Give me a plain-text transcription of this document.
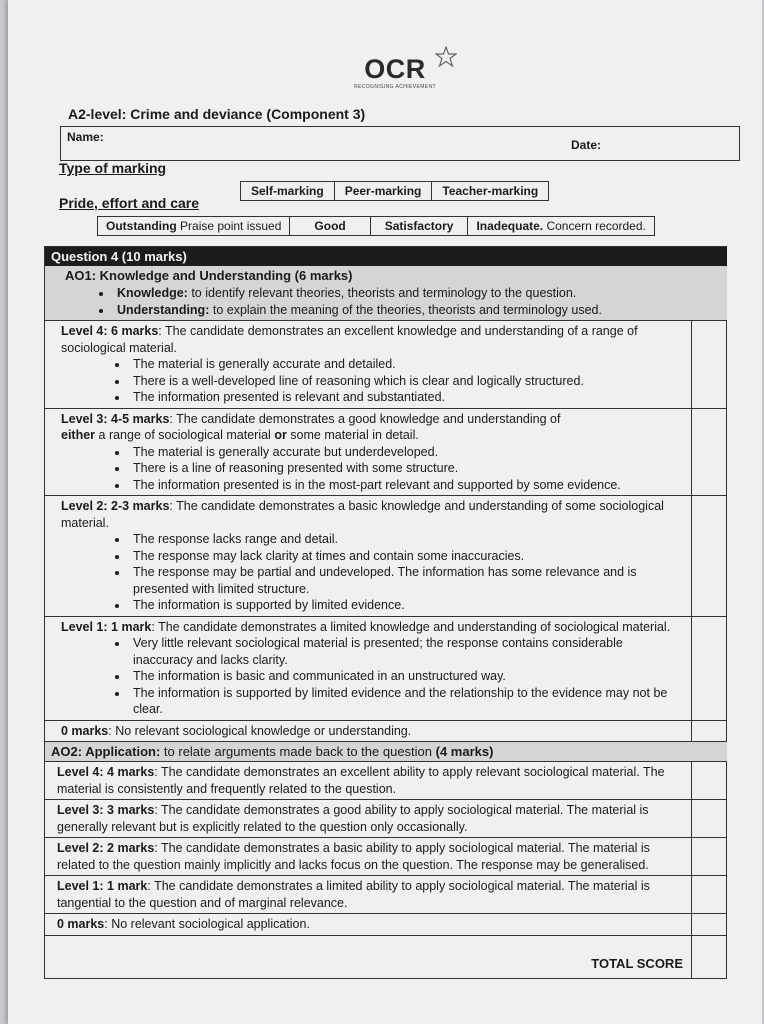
OCR
RECOGNISING ACHIEVEMENT
A2-level: Crime and deviance (Component 3)
Name:
Date:
Type of marking
Self-marking	Peer-marking	Teacher-marking
Pride, effort and care
Outstanding Praise point issued	Good	Satisfactory	Inadequate. Concern recorded.
Question 4 (10 marks)
AO1: Knowledge and Understanding (6 marks)
• Knowledge: to identify relevant theories, theorists and terminology to the question.
• Understanding: to explain the meaning of the theories, theorists and terminology used.
Level 4: 6 marks: The candidate demonstrates an excellent knowledge and understanding of a range of sociological material.
• The material is generally accurate and detailed.
• There is a well-developed line of reasoning which is clear and logically structured.
• The information presented is relevant and substantiated.
Level 3: 4-5 marks: The candidate demonstrates a good knowledge and understanding of
either a range of sociological material or some material in detail.
• The material is generally accurate but underdeveloped.
• There is a line of reasoning presented with some structure.
• The information presented is in the most-part relevant and supported by some evidence.
Level 2: 2-3 marks: The candidate demonstrates a basic knowledge and understanding of some sociological material.
• The response lacks range and detail.
• The response may lack clarity at times and contain some inaccuracies.
• The response may be partial and undeveloped. The information has some relevance and is presented with limited structure.
• The information is supported by limited evidence.
Level 1: 1 mark: The candidate demonstrates a limited knowledge and understanding of sociological material.
• Very little relevant sociological material is presented; the response contains considerable inaccuracy and lacks clarity.
• The information is basic and communicated in an unstructured way.
• The information is supported by limited evidence and the relationship to the evidence may not be clear.
0 marks: No relevant sociological knowledge or understanding.
AO2: Application: to relate arguments made back to the question (4 marks)
Level 4: 4 marks: The candidate demonstrates an excellent ability to apply relevant sociological material. The material is consistently and frequently related to the question.
Level 3: 3 marks: The candidate demonstrates a good ability to apply sociological material. The material is generally relevant but is explicitly related to the question only occasionally.
Level 2: 2 marks: The candidate demonstrates a basic ability to apply sociological material. The material is related to the question mainly implicitly and lacks focus on the question. The response may be generalised.
Level 1: 1 mark: The candidate demonstrates a limited ability to apply sociological material. The material is tangential to the question and of marginal relevance.
0 marks: No relevant sociological application.
TOTAL SCORE
